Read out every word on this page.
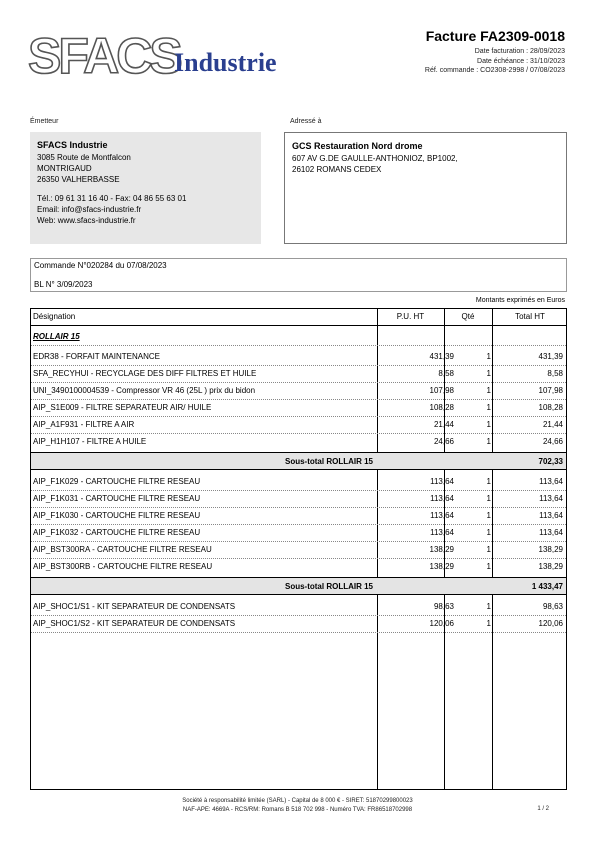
SFACS
Industrie
Facture FA2309-0018
Date facturation : 28/09/2023
Date échéance : 31/10/2023
Réf. commande : CO2308-2998 / 07/08/2023
Émetteur
SFACS Industrie
3085 Route de Montfalcon
MONTRIGAUD
26350 VALHERBASSE
Tél.: 09 61 31 16 40 - Fax: 04 86 55 63 01
Email: info@sfacs-industrie.fr
Web: www.sfacs-industrie.fr
Adressé à
GCS Restauration Nord drome
607 AV G.DE GAULLE-ANTHONIOZ, BP1002,
26102 ROMANS CEDEX
Commande N°020284 du 07/08/2023
BL N° 3/09/2023
Montants exprimés en Euros
Désignation	P.U. HT	Qté	Total HT
ROLLAIR 15
EDR38 - FORFAIT MAINTENANCE	431,39	1	431,39
SFA_RECYHUI - RECYCLAGE DES DIFF FILTRES ET HUILE	8,58	1	8,58
UNI_3490100004539 - Compressor VR 46 (25L ) prix du bidon	107,98	1	107,98
AIP_S1E009 - FILTRE SEPARATEUR AIR/ HUILE	108,28	1	108,28
AIP_A1F931 - FILTRE A AIR	21,44	1	21,44
AIP_H1H107 - FILTRE A HUILE	24,66	1	24,66
Sous-total ROLLAIR 15	702,33
AIP_F1K029 - CARTOUCHE FILTRE RESEAU	113,64	1	113,64
AIP_F1K031 - CARTOUCHE FILTRE RESEAU	113,64	1	113,64
AIP_F1K030 - CARTOUCHE FILTRE RESEAU	113,64	1	113,64
AIP_F1K032 - CARTOUCHE FILTRE RESEAU	113,64	1	113,64
AIP_BST300RA - CARTOUCHE FILTRE RESEAU	138,29	1	138,29
AIP_BST300RB - CARTOUCHE FILTRE RESEAU	138,29	1	138,29
Sous-total ROLLAIR 15	1 433,47
AIP_SHOC1/S1 - KIT SEPARATEUR DE CONDENSATS	98,63	1	98,63
AIP_SHOC1/S2 - KIT SEPARATEUR DE CONDENSATS	120,06	1	120,06
Société à responsabilité limitée (SARL) - Capital de 8 000 € - SIRET: 51870299800023
NAF-APE: 4669A - RCS/RM: Romans B 518 702 998 - Numéro TVA: FR86518702998	1 / 2
